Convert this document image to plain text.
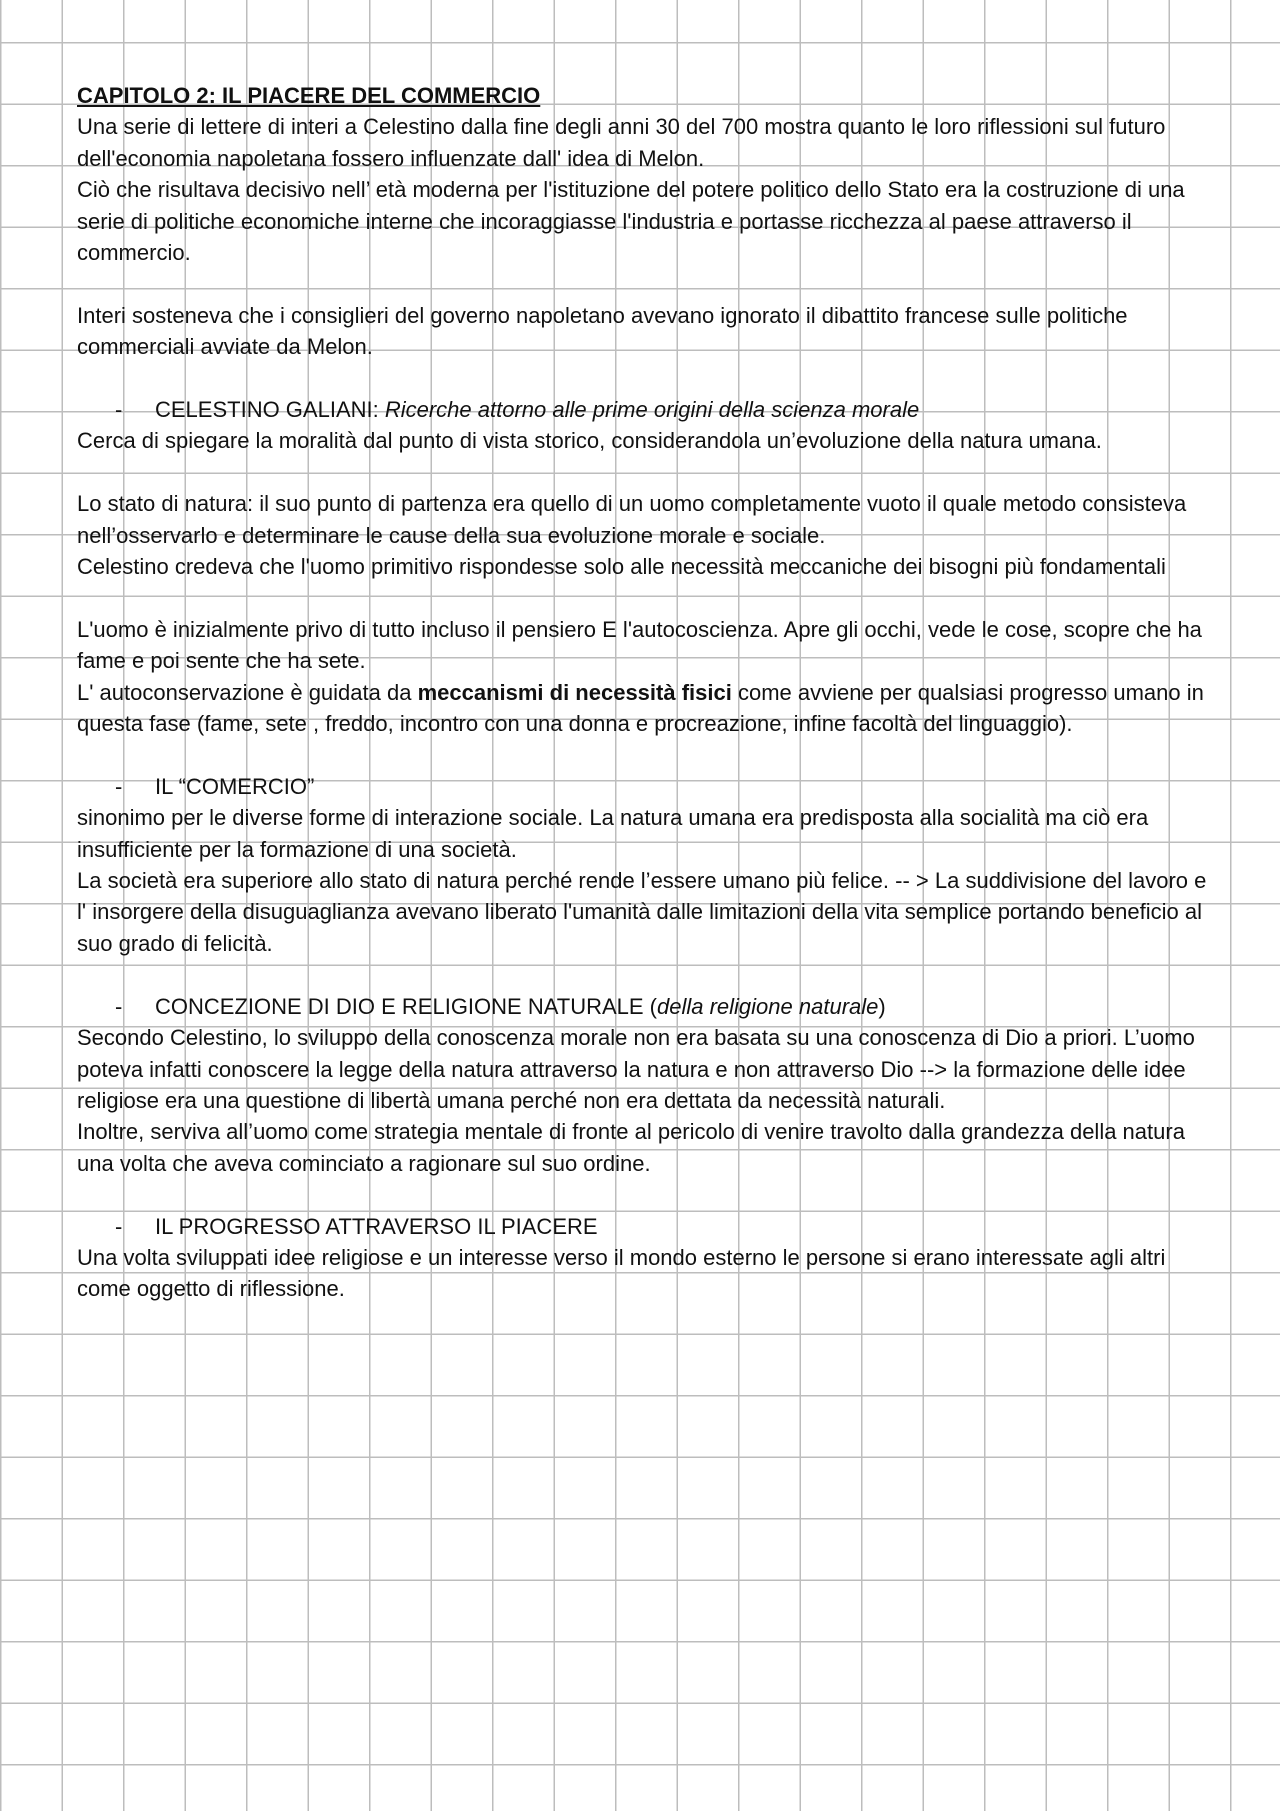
CAPITOLO 2: IL PIACERE DEL COMMERCIO

Una serie di lettere di interi a Celestino dalla fine degli anni 30 del 700 mostra quanto le loro riflessioni sul futuro dell'economia napoletana fossero influenzate dall' idea di Melon.

Ciò che risultava decisivo nell’ età moderna per l'istituzione del potere politico dello Stato era la costruzione di una serie di politiche economiche interne che incoraggiasse l'industria e portasse ricchezza al paese attraverso il commercio.

Interi sosteneva che i consiglieri del governo napoletano avevano ignorato il dibattito francese sulle politiche commerciali avviate da Melon.

- CELESTINO GALIANI: Ricerche attorno alle prime origini della scienza morale

Cerca di spiegare la moralità dal punto di vista storico, considerandola un’evoluzione della natura umana.

Lo stato di natura: il suo punto di partenza era quello di un uomo completamente vuoto il quale metodo consisteva nell’osservarlo e determinare le cause della sua evoluzione morale e sociale.

Celestino credeva che l'uomo primitivo rispondesse solo alle necessità meccaniche dei bisogni più fondamentali

L'uomo è inizialmente privo di tutto incluso il pensiero E l'autocoscienza. Apre gli occhi, vede le cose, scopre che ha fame e poi sente che ha sete.

L' autoconservazione è guidata da meccanismi di necessità fisici come avviene per qualsiasi progresso umano in questa fase (fame, sete , freddo, incontro con una donna e procreazione, infine facoltà del linguaggio).

- IL “COMERCIO”

sinonimo per le diverse forme di interazione sociale. La natura umana era predisposta alla socialità ma ciò era insufficiente per la formazione di una società.

La società era superiore allo stato di natura perché rende l’essere umano più felice. -- > La suddivisione del lavoro e l' insorgere della disuguaglianza avevano liberato l'umanità dalle limitazioni della vita semplice portando beneficio al suo grado di felicità.

- CONCEZIONE DI DIO E RELIGIONE NATURALE (della religione naturale)

Secondo Celestino, lo sviluppo della conoscenza morale non era basata su una conoscenza di Dio a priori. L’uomo poteva infatti conoscere la legge della natura attraverso la natura e non attraverso Dio --> la formazione delle idee religiose era una questione di libertà umana perché non era dettata da necessità naturali.

Inoltre, serviva all’uomo come strategia mentale di fronte al pericolo di venire travolto dalla grandezza della natura una volta che aveva cominciato a ragionare sul suo ordine.

- IL PROGRESSO ATTRAVERSO IL PIACERE

Una volta sviluppati idee religiose e un interesse verso il mondo esterno le persone si erano interessate agli altri come oggetto di riflessione.
